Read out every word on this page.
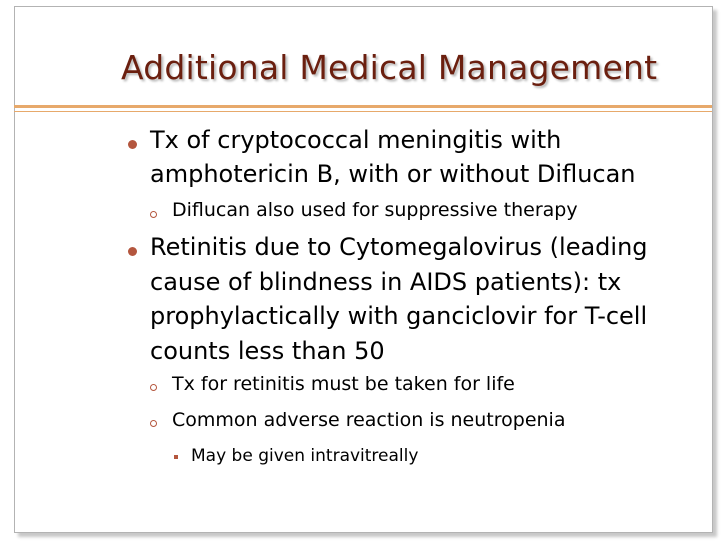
Additional Medical Management
Tx of cryptococcal meningitis with
amphotericin B, with or without Diflucan
Diflucan also used for suppressive therapy
Retinitis due to Cytomegalovirus (leading
cause of blindness in AIDS patients): tx
prophylactically with ganciclovir for T-cell
counts less than 50
Tx for retinitis must be taken for life
Common adverse reaction is neutropenia
May be given intravitreally
